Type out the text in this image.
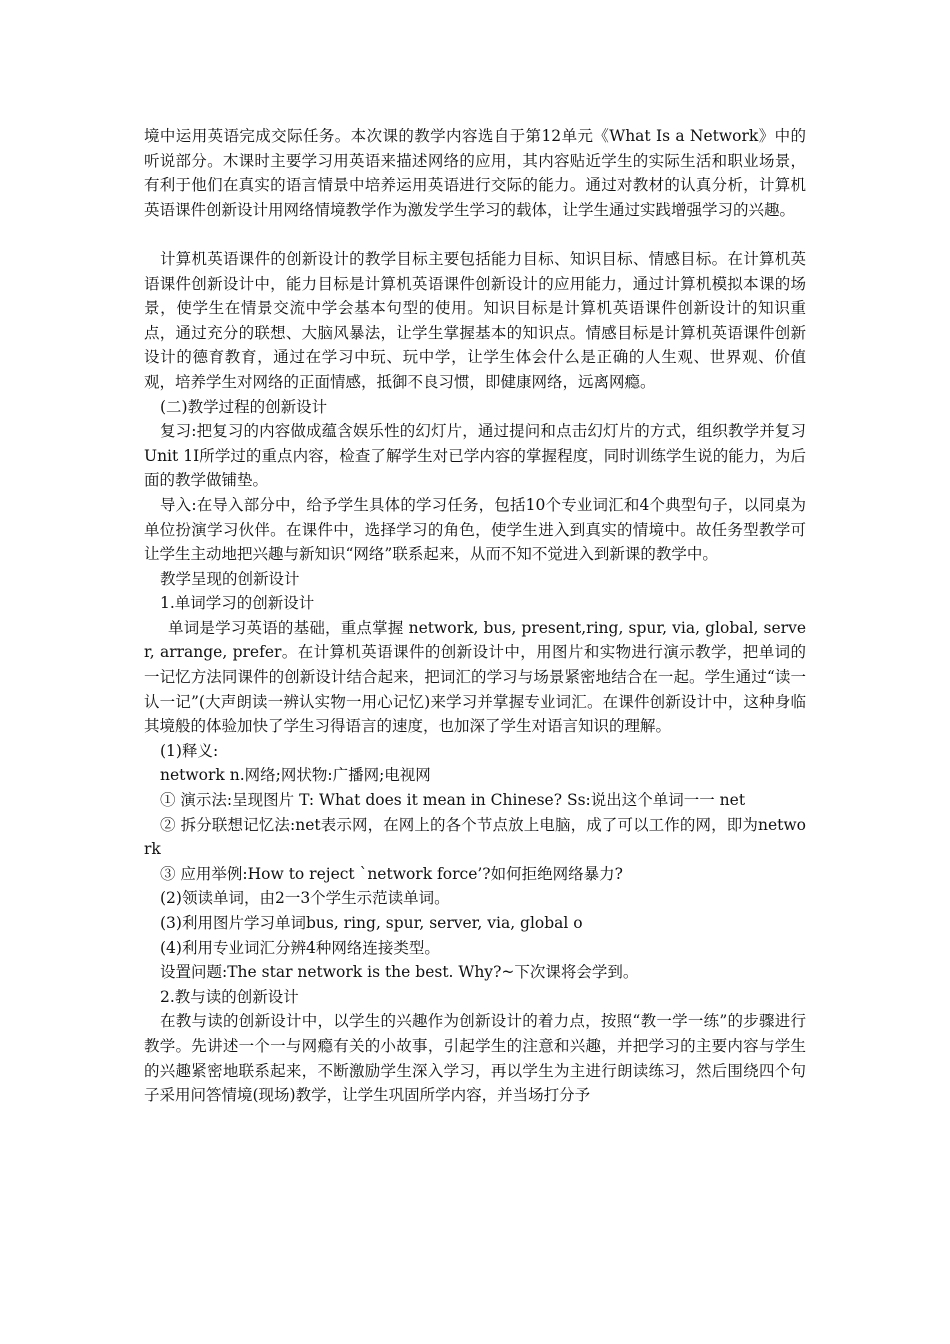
境中运用英语完成交际任务。本次课的教学内容选自于第12单元《What Is a Network》中的听说部分。木课时主要学习用英语来描述网络的应用，其内容贴近学生的实际生活和职业场景，有利于他们在真实的语言情景中培养运用英语进行交际的能力。通过对教材的认真分析，计算机英语课件创新设计用网络情境教学作为激发学生学习的载体，让学生通过实践增强学习的兴趣。

计算机英语课件的创新设计的教学目标主要包括能力目标、知识目标、情感目标。在计算机英语课件创新设计中，能力目标是计算机英语课件创新设计的应用能力，通过计算机模拟本课的场景，使学生在情景交流中学会基本句型的使用。知识目标是计算机英语课件创新设计的知识重点，通过充分的联想、大脑风暴法，让学生掌握基本的知识点。情感目标是计算机英语课件创新设计的德育教育，通过在学习中玩、玩中学，让学生体会什么是正确的人生观、世界观、价值观，培养学生对网络的正面情感，抵御不良习惯，即健康网络，远离网瘾。

(二)教学过程的创新设计

复习:把复习的内容做成蕴含娱乐性的幻灯片，通过提问和点击幻灯片的方式，组织教学并复习Unit 1I所学过的重点内容，检查了解学生对已学内容的掌握程度，同时训练学生说的能力，为后面的教学做铺垫。

导入:在导入部分中，给予学生具体的学习任务，包括10个专业词汇和4个典型句子，以同桌为单位扮演学习伙伴。在课件中，选择学习的角色，使学生进入到真实的情境中。故任务型教学可让学生主动地把兴趣与新知识“网络”联系起来，从而不知不觉进入到新课的教学中。

教学呈现的创新设计

1.单词学习的创新设计

单词是学习英语的基础，重点掌握 network, bus, present,ring, spur, via, global, server, arrange, prefer。在计算机英语课件的创新设计中，用图片和实物进行演示教学，把单词的一记忆方法同课件的创新设计结合起来，把词汇的学习与场景紧密地结合在一起。学生通过“读一认一记”(大声朗读一辨认实物一用心记忆)来学习并掌握专业词汇。在课件创新设计中，这种身临其境般的体验加快了学生习得语言的速度，也加深了学生对语言知识的理解。

(1)释义:

network n.网络;网状物:广播网;电视网

① 演示法:呈现图片 T: What does it mean in Chinese? Ss:说出这个单词一一 net

② 拆分联想记忆法:net表示网，在网上的各个节点放上电脑，成了可以工作的网，即为network

③ 应用举例:How to reject `network force’?如何拒绝网络暴力?

(2)领读单词，由2一3个学生示范读单词。

(3)利用图片学习单词bus, ring, spur, server, via, global o

(4)利用专业词汇分辨4种网络连接类型。

设置问题:The star network is the best. Why?~下次课将会学到。

2.教与读的创新设计

在教与读的创新设计中，以学生的兴趣作为创新设计的着力点，按照“教一学一练”的步骤进行教学。先讲述一个一与网瘾有关的小故事，引起学生的注意和兴趣，并把学习的主要内容与学生的兴趣紧密地联系起来，不断激励学生深入学习，再以学生为主进行朗读练习，然后围绕四个句子采用问答情境(现场)教学，让学生巩固所学内容，并当场打分予
